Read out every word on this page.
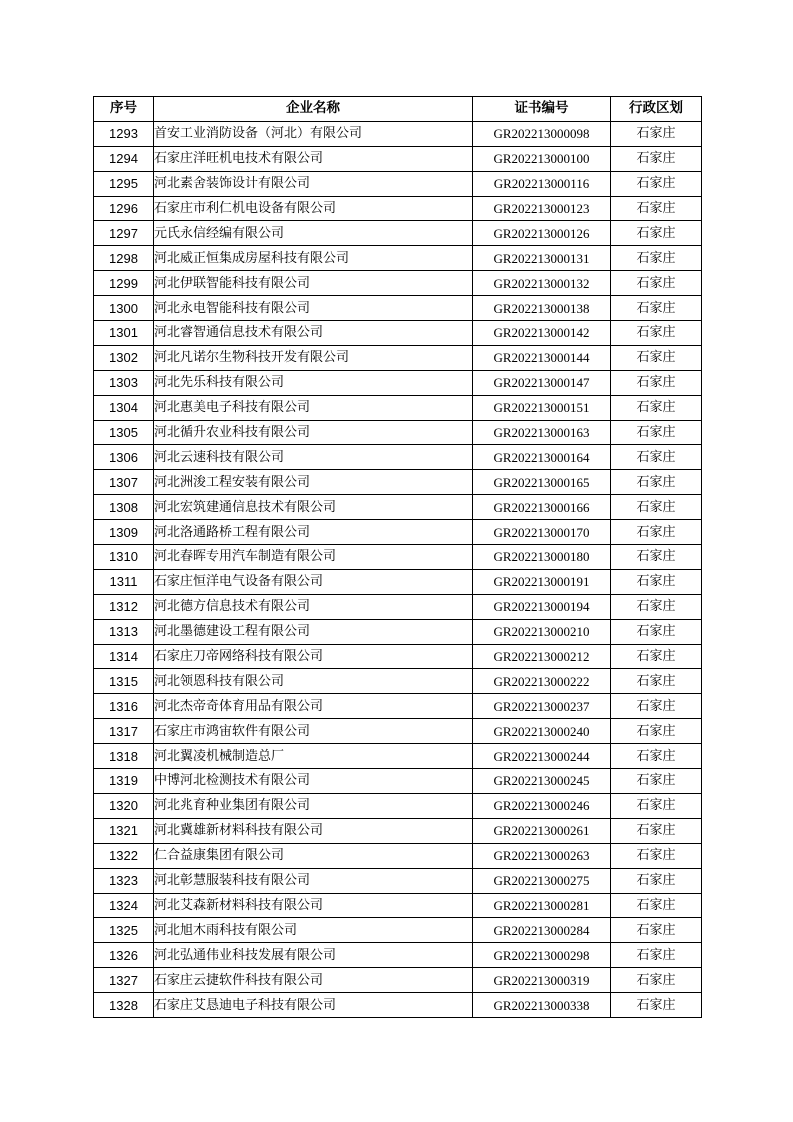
序号	企业名称	证书编号	行政区划
1293	首安工业消防设备（河北）有限公司	GR202213000098	石家庄
1294	石家庄洋旺机电技术有限公司	GR202213000100	石家庄
1295	河北素舍装饰设计有限公司	GR202213000116	石家庄
1296	石家庄市利仁机电设备有限公司	GR202213000123	石家庄
1297	元氏永信经编有限公司	GR202213000126	石家庄
1298	河北威正恒集成房屋科技有限公司	GR202213000131	石家庄
1299	河北伊联智能科技有限公司	GR202213000132	石家庄
1300	河北永电智能科技有限公司	GR202213000138	石家庄
1301	河北睿智通信息技术有限公司	GR202213000142	石家庄
1302	河北凡诺尔生物科技开发有限公司	GR202213000144	石家庄
1303	河北先乐科技有限公司	GR202213000147	石家庄
1304	河北惠美电子科技有限公司	GR202213000151	石家庄
1305	河北循升农业科技有限公司	GR202213000163	石家庄
1306	河北云速科技有限公司	GR202213000164	石家庄
1307	河北洲浚工程安装有限公司	GR202213000165	石家庄
1308	河北宏筑建通信息技术有限公司	GR202213000166	石家庄
1309	河北洛通路桥工程有限公司	GR202213000170	石家庄
1310	河北春晖专用汽车制造有限公司	GR202213000180	石家庄
1311	石家庄恒洋电气设备有限公司	GR202213000191	石家庄
1312	河北德方信息技术有限公司	GR202213000194	石家庄
1313	河北墨德建设工程有限公司	GR202213000210	石家庄
1314	石家庄刀帝网络科技有限公司	GR202213000212	石家庄
1315	河北领恩科技有限公司	GR202213000222	石家庄
1316	河北杰帝奇体育用品有限公司	GR202213000237	石家庄
1317	石家庄市鸿宙软件有限公司	GR202213000240	石家庄
1318	河北翼凌机械制造总厂	GR202213000244	石家庄
1319	中博河北检测技术有限公司	GR202213000245	石家庄
1320	河北兆育种业集团有限公司	GR202213000246	石家庄
1321	河北冀雄新材料科技有限公司	GR202213000261	石家庄
1322	仁合益康集团有限公司	GR202213000263	石家庄
1323	河北彰慧服装科技有限公司	GR202213000275	石家庄
1324	河北艾森新材料科技有限公司	GR202213000281	石家庄
1325	河北旭木雨科技有限公司	GR202213000284	石家庄
1326	河北弘通伟业科技发展有限公司	GR202213000298	石家庄
1327	石家庄云捷软件科技有限公司	GR202213000319	石家庄
1328	石家庄艾恳迪电子科技有限公司	GR202213000338	石家庄
